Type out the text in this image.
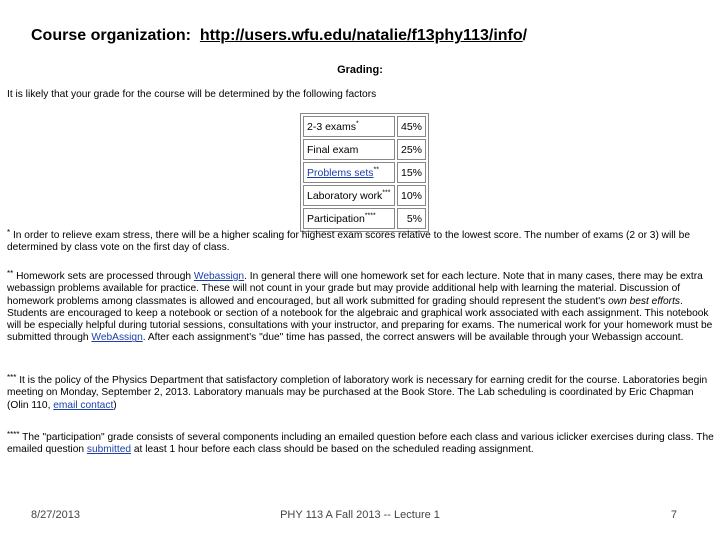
Course organization: http://users.wfu.edu/natalie/f13phy113/info/
Grading:
It is likely that your grade for the course will be determined by the following factors
2-3 exams*	45%
Final exam	25%
Problems sets**	15%
Laboratory work***	10%
Participation****	5%
* In order to relieve exam stress, there will be a higher scaling for highest exam scores relative to the lowest score. The number of exams (2 or 3) will be determined by class vote on the first day of class.
** Homework sets are processed through Webassign. In general there will one homework set for each lecture. Note that in many cases, there may be extra webassign problems available for practice. These will not count in your grade but may provide additional help with learning the material. Discussion of homework problems among classmates is allowed and encouraged, but all work submitted for grading should represent the student's own best efforts. Students are encouraged to keep a notebook or section of a notebook for the algebraic and graphical work associated with each assignment. This notebook will be especially helpful during tutorial sessions, consultations with your instructor, and preparing for exams. The numerical work for your homework must be submitted through WebAssign. After each assignment's "due" time has passed, the correct answers will be available through your Webassign account.
*** It is the policy of the Physics Department that satisfactory completion of laboratory work is necessary for earning credit for the course. Laboratories begin meeting on Monday, September 2, 2013. Laboratory manuals may be purchased at the Book Store. The Lab scheduling is coordinated by Eric Chapman (Olin 110, email contact)
**** The "participation" grade consists of several components including an emailed question before each class and various iclicker exercises during class. The emailed question submitted at least 1 hour before each class should be based on the scheduled reading assignment.
8/27/2013	PHY 113 A Fall 2013 -- Lecture 1	7
